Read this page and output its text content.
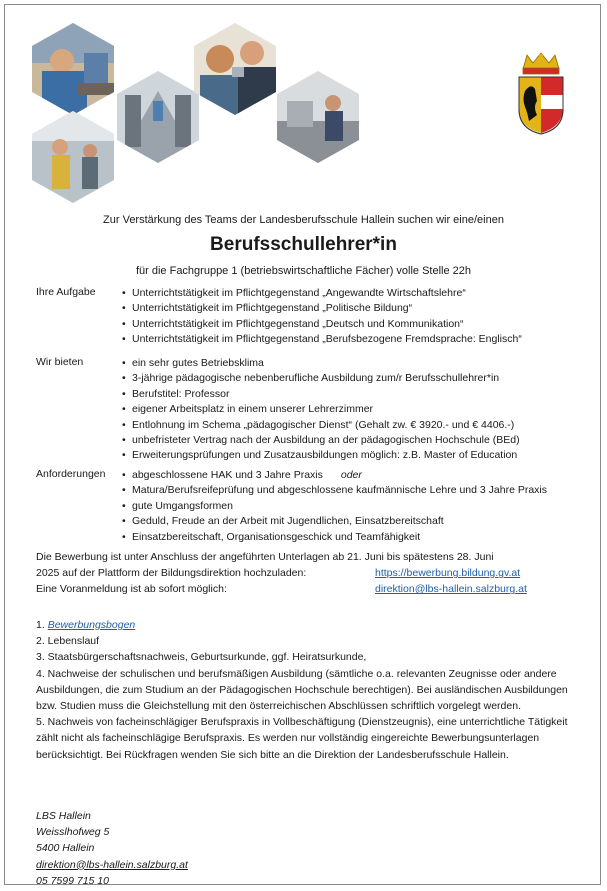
Zur Verstärkung des Teams der Landesberufsschule Hallein suchen wir eine/einen
Berufsschullehrer*in
für die Fachgruppe 1 (betriebswirtschaftliche Fächer) volle Stelle 22h
Ihre Aufgabe	• Unterrichtstätigkeit im Pflichtgegenstand „Angewandte Wirtschaftslehre“
• Unterrichtstätigkeit im Pflichtgegenstand „Politische Bildung“
• Unterrichtstätigkeit im Pflichtgegenstand „Deutsch und Kommunikation“
• Unterrichtstätigkeit im Pflichtgegenstand „Berufsbezogene Fremdsprache: Englisch“
Wir bieten	• ein sehr gutes Betriebsklima
• 3-jährige pädagogische nebenberufliche Ausbildung zum/r Berufsschullehrer*in
• Berufstitel: Professor
• eigener Arbeitsplatz in einem unserer Lehrerzimmer
• Entlohnung im Schema „pädagogischer Dienst“ (Gehalt zw. € 3920.- und € 4406.-)
• unbefristeter Vertrag nach der Ausbildung an der pädagogischen Hochschule (BEd)
• Erweiterungsprüfungen und Zusatzausbildungen möglich: z.B. Master of Education
Anforderungen	• abgeschlossene HAK und 3 Jahre Praxis oder
• Matura/Berufsreifeprüfung und abgeschlossene kaufmännische Lehre und 3 Jahre Praxis
• gute Umgangsformen
• Geduld, Freude an der Arbeit mit Jugendlichen, Einsatzbereitschaft
• Einsatzbereitschaft, Organisationsgeschick und Teamfähigkeit
Die Bewerbung ist unter Anschluss der angeführten Unterlagen ab 21. Juni bis spätestens 28. Juni
2025 auf der Plattform der Bildungsdirektion hochzuladen:	https://bewerbung.bildung.gv.at
Eine Voranmeldung ist ab sofort möglich:	direktion@lbs-hallein.salzburg.at

1. Bewerbungsbogen

2. Lebenslauf

3. Staatsbürgerschaftsnachweis, Geburtsurkunde, ggf. Heiratsurkunde,

4. Nachweise der schulischen und berufsmäßigen Ausbildung (sämtliche o.a. relevanten Zeugnisse oder andere Ausbildungen, die zum Studium an der Pädagogischen Hochschule berechtigen). Bei ausländischen Ausbildungen bzw. Studien muss die Gleichstellung mit den österreichischen Abschlüssen schriftlich vorgelegt werden.

5. Nachweis von facheinschlägiger Berufspraxis in Vollbeschäftigung (Dienstzeugnis), eine unterrichtliche Tätigkeit zählt nicht als facheinschlägige Berufspraxis. Es werden nur vollständig eingereichte Bewerbungsunterlagen berücksichtigt. Bei Rückfragen wenden Sie sich bitte an die Direktion der Landesberufsschule Hallein.

LBS Hallein
Weisslhofweg 5
5400 Hallein
direktion@lbs-hallein.salzburg.at
05 7599 715 10
